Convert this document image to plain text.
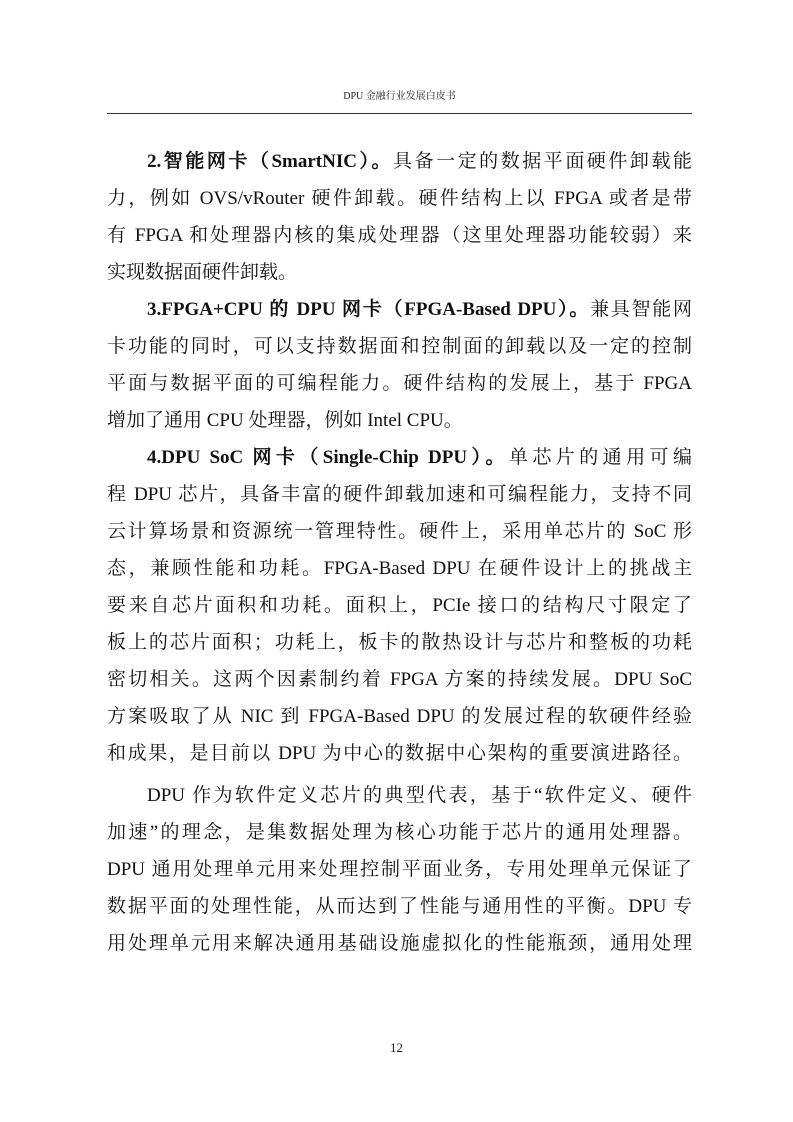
DPU 金融行业发展白皮书
2.智能网卡（SmartNIC）。具备一定的数据平面硬件卸载能
力，例如 OVS/vRouter 硬件卸载。硬件结构上以 FPGA 或者是带
有 FPGA 和处理器内核的集成处理器（这里处理器功能较弱）来
实现数据面硬件卸载。
3.FPGA+CPU 的 DPU 网卡（FPGA-Based DPU）。兼具智能网
卡功能的同时，可以支持数据面和控制面的卸载以及一定的控制
平面与数据平面的可编程能力。硬件结构的发展上，基于 FPGA
增加了通用 CPU 处理器，例如 Intel CPU。
4.DPU SoC 网卡（Single-Chip DPU）。单芯片的通用可编
程 DPU 芯片，具备丰富的硬件卸载加速和可编程能力，支持不同
云计算场景和资源统一管理特性。硬件上，采用单芯片的 SoC 形
态，兼顾性能和功耗。FPGA-Based DPU 在硬件设计上的挑战主
要来自芯片面积和功耗。面积上，PCIe 接口的结构尺寸限定了
板上的芯片面积；功耗上，板卡的散热设计与芯片和整板的功耗
密切相关。这两个因素制约着 FPGA 方案的持续发展。DPU SoC
方案吸取了从 NIC 到 FPGA-Based DPU 的发展过程的软硬件经验
和成果，是目前以 DPU 为中心的数据中心架构的重要演进路径。
DPU 作为软件定义芯片的典型代表，基于“软件定义、硬件
加速”的理念，是集数据处理为核心功能于芯片的通用处理器。
DPU 通用处理单元用来处理控制平面业务，专用处理单元保证了
数据平面的处理性能，从而达到了性能与通用性的平衡。DPU 专
用处理单元用来解决通用基础设施虚拟化的性能瓶颈，通用处理
12
